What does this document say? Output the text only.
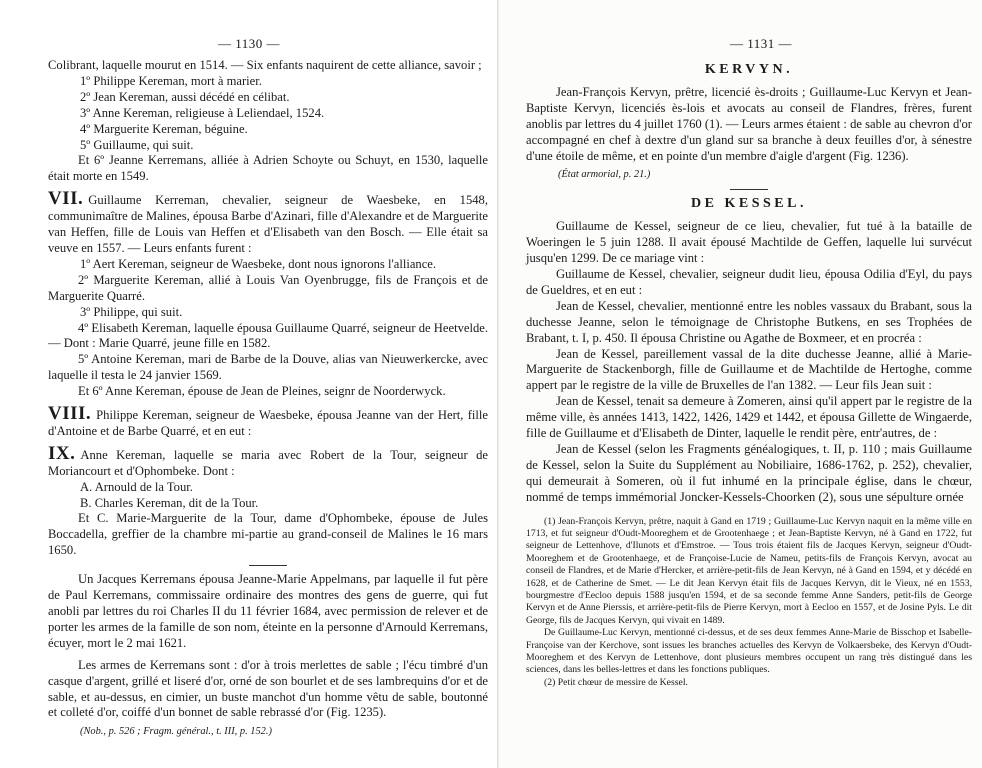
— 1130 —

Colibrant, laquelle mourut en 1514. — Six enfants naquirent de cette alliance, savoir ;

1º Philippe Kereman, mort à marier.

2º Jean Kereman, aussi décédé en célibat.

3º Anne Kereman, religieuse à Leliendael, 1524.

4º Marguerite Kereman, béguine.

5º Guillaume, qui suit.

Et 6º Jeanne Kerremans, alliée à Adrien Schoyte ou Schuyt, en 1530, laquelle était morte en 1549.

VII. Guillaume Kerreman, chevalier, seigneur de Waesbeke, en 1548, communimaître de Malines, épousa Barbe d'Azinari, fille d'Alexandre et de Marguerite van Heffen, fille de Louis van Heffen et d'Elisabeth van den Bosch. — Elle était sa veuve en 1557. — Leurs enfants furent :

1º Aert Kereman, seigneur de Waesbeke, dont nous ignorons l'alliance.

2º Marguerite Kereman, allié à Louis Van Oyenbrugge, fils de François et de Marguerite Quarré.

3º Philippe, qui suit.

4º Elisabeth Kereman, laquelle épousa Guillaume Quarré, seigneur de Heetvelde. — Dont : Marie Quarré, jeune fille en 1582.

5º Antoine Kereman, mari de Barbe de la Douve, alias van Nieuwerkercke, avec laquelle il testa le 24 janvier 1569.

Et 6º Anne Kereman, épouse de Jean de Pleines, seignr de Noorderwyck.

VIII. Philippe Kereman, seigneur de Waesbeke, épousa Jeanne van der Hert, fille d'Antoine et de Barbe Quarré, et en eut :

IX. Anne Kereman, laquelle se maria avec Robert de la Tour, seigneur de Moriancourt et d'Ophombeke. Dont :

A. Arnould de la Tour.

B. Charles Kereman, dit de la Tour.

Et C. Marie-Marguerite de la Tour, dame d'Ophombeke, épouse de Jules Boccadella, greffier de la chambre mi-partie au grand-conseil de Malines le 16 mars 1650.

Un Jacques Kerremans épousa Jeanne-Marie Appelmans, par laquelle il fut père de Paul Kerremans, commissaire ordinaire des montres des gens de guerre, qui fut anobli par lettres du roi Charles II du 11 février 1684, avec permission de relever et de porter les armes de la famille de son nom, éteinte en la personne d'Arnould Kerremans, écuyer, mort le 2 mai 1621.

Les armes de Kerremans sont : d'or à trois merlettes de sable ; l'écu timbré d'un casque d'argent, grillé et liseré d'or, orné de son bourlet et de ses lambrequins d'or et de sable, et au-dessus, en cimier, un buste manchot d'un homme vêtu de sable, boutonné et colleté d'or, coiffé d'un bonnet de sable rebrassé d'or (Fig. 1235).

(Nob., p. 526 ; Fragm. général., t. III, p. 152.)

— 1131 —

KERVYN.

Jean-François Kervyn, prêtre, licencié ès-droits ; Guillaume-Luc Kervyn et Jean-Baptiste Kervyn, licenciés ès-lois et avocats au conseil de Flandres, frères, furent anoblis par lettres du 4 juillet 1760 (1). — Leurs armes étaient : de sable au chevron d'or accompagné en chef à dextre d'un gland sur sa branche à deux feuilles d'or, à sénestre d'une étoile de même, et en pointe d'un membre d'aigle d'argent (Fig. 1236).

(État armorial, p. 21.)

DE KESSEL.

Guillaume de Kessel, seigneur de ce lieu, chevalier, fut tué à la bataille de Woeringen le 5 juin 1288. Il avait épousé Machtilde de Geffen, laquelle lui survécut jusqu'en 1299. De ce mariage vint :

Guillaume de Kessel, chevalier, seigneur dudit lieu, épousa Odilia d'Eyl, du pays de Gueldres, et en eut :

Jean de Kessel, chevalier, mentionné entre les nobles vassaux du Brabant, sous la duchesse Jeanne, selon le témoignage de Christophe Butkens, en ses Trophées de Brabant, t. I, p. 450. Il épousa Christine ou Agathe de Boxmeer, et en procréa :

Jean de Kessel, pareillement vassal de la dite duchesse Jeanne, allié à Marie-Marguerite de Stackenborgh, fille de Guillaume et de Machtilde de Hertoghe, comme appert par le registre de la ville de Bruxelles de l'an 1382. — Leur fils Jean suit :

Jean de Kessel, tenait sa demeure à Zomeren, ainsi qu'il appert par le registre de la même ville, ès années 1413, 1422, 1426, 1429 et 1442, et épousa Gillette de Wingaerde, fille de Guillaume et d'Elisabeth de Dinter, laquelle le rendit père, entr'autres, de :

Jean de Kessel (selon les Fragments généalogiques, t. II, p. 110 ; mais Guillaume de Kessel, selon la Suite du Supplément au Nobiliaire, 1686-1762, p. 252), chevalier, qui demeurait à Someren, où il fut inhumé en la principale église, dans le chœur, nommé de temps immémorial Joncker-Kessels-Choorken (2), sous une sépulture ornée

(1) Jean-François Kervyn, prêtre, naquit à Gand en 1719 ; Guillaume-Luc Kervyn naquit en la même ville en 1713, et fut seigneur d'Oudt-Mooreghem et de Grootenhaege ; et Jean-Baptiste Kervyn, né à Gand en 1722, fut seigneur de Lettenhove, d'Ilunots et d'Emstroe. — Tous trois étaient fils de Jacques Kervyn, seigneur d'Oudt-Mooreghem et de Grootenhaege, et de Françoise-Lucie de Nameu, petits-fils de François Kervyn, avocat au conseil de Flandres, et de Marie d'Hercker, et arrière-petit-fils de Jean Kervyn, né à Gand en 1594, et y décédé en 1628, et de Catherine de Smet. — Le dit Jean Kervyn était fils de Jacques Kervyn, dit le Vieux, né en 1553, bourgmestre d'Eecloo depuis 1588 jusqu'en 1594, et de sa seconde femme Anne Sanders, petit-fils de George Kervyn et de Anne Pierssis, et arrière-petit-fils de Pierre Kervyn, mort à Eecloo en 1557, et de Josine Pyls. Le dit George, fils de Jacques Kervyn, qui vivait en 1489.

De Guillaume-Luc Kervyn, mentionné ci-dessus, et de ses deux femmes Anne-Marie de Bisschop et Isabelle-Françoise van der Kerchove, sont issues les branches actuelles des Kervyn de Volkaersbeke, des Kervyn d'Oudt-Mooreghem et des Kervyn de Lettenhove, dont plusieurs membres occupent un rang très distingué dans les sciences, dans les belles-lettres et dans les fonctions publiques.

(2) Petit chœur de messire de Kessel.
